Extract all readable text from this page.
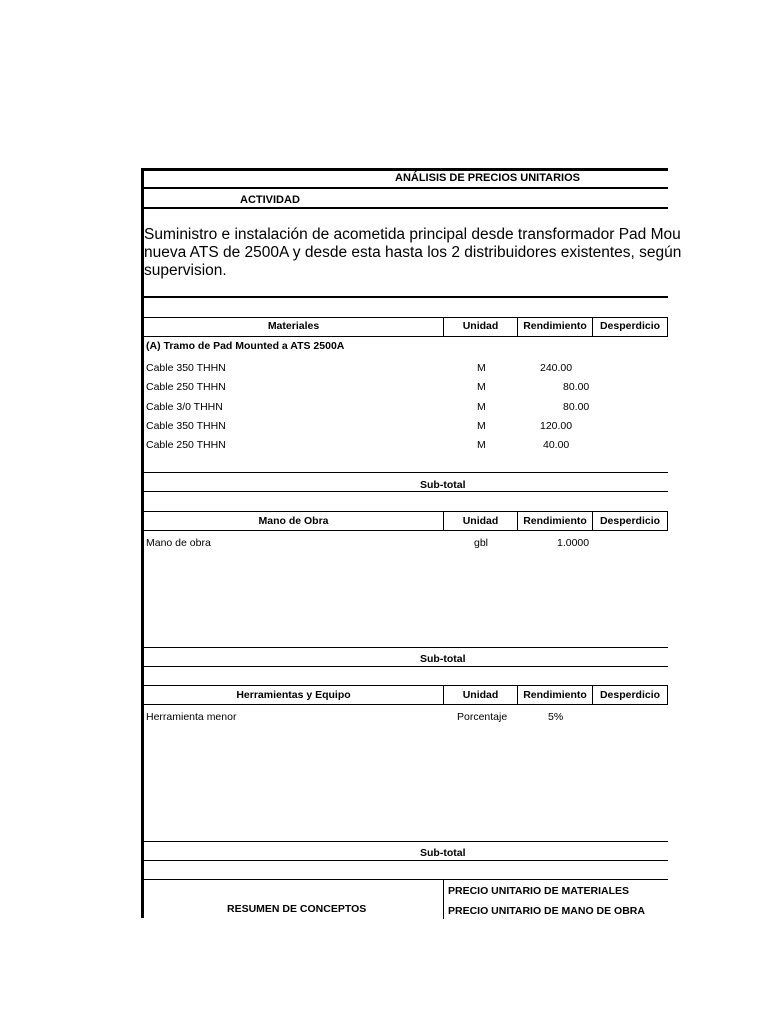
ANÁLISIS DE PRECIOS UNITARIOS
ACTIVIDAD
Suministro e instalación de acometida principal desde transformador Pad Mou
nueva ATS de 2500A y desde esta hasta los 2 distribuidores existentes, según
supervision.
Materiales	Unidad	Rendimiento	Desperdicio
(A) Tramo de Pad Mounted a ATS 2500A
Cable 350 THHN	M	240.00
Cable 250 THHN	M	80.00
Cable 3/0 THHN	M	80.00
Cable 350 THHN	M	120.00
Cable 250 THHN	M	40.00
Sub-total
Mano de Obra	Unidad	Rendimiento	Desperdicio
Mano de obra	gbl	1.0000
Sub-total
Herramientas y Equipo	Unidad	Rendimiento	Desperdicio
Herramienta menor	Porcentaje	5%
Sub-total
RESUMEN DE CONCEPTOS
PRECIO UNITARIO DE MATERIALES
PRECIO UNITARIO DE MANO DE OBRA
